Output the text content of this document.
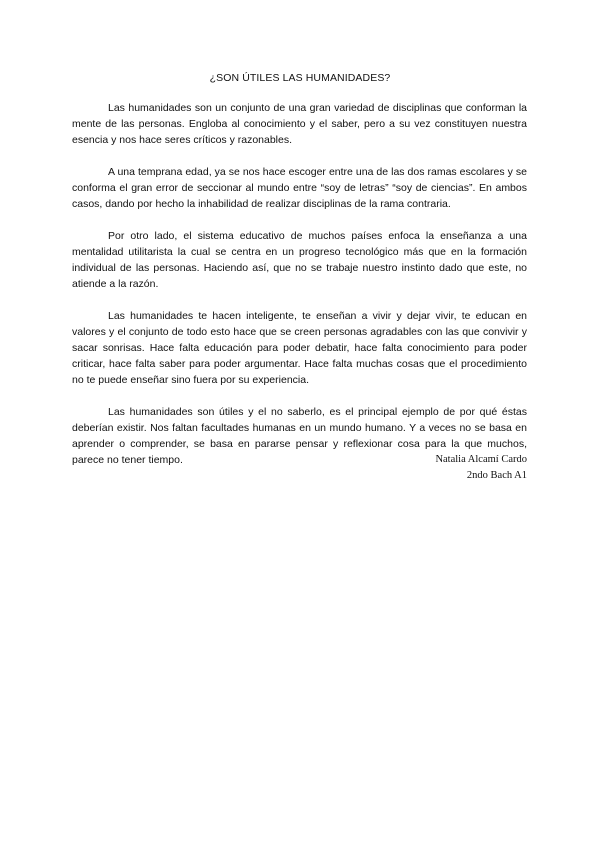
¿SON ÚTILES LAS HUMANIDADES?

Las humanidades son un conjunto de una gran variedad de disciplinas que conforman la mente de las personas. Engloba al conocimiento y el saber, pero a su vez constituyen nuestra esencia y nos hace seres críticos y razonables.

A una temprana edad, ya se nos hace escoger entre una de las dos ramas escolares y se conforma el gran error de seccionar al mundo entre “soy de letras” “soy de ciencias”. En ambos casos, dando por hecho la inhabilidad de realizar disciplinas de la rama contraria.

Por otro lado, el sistema educativo de muchos países enfoca la enseñanza a una mentalidad utilitarista la cual se centra en un progreso tecnológico más que en la formación individual de las personas. Haciendo así, que no se trabaje nuestro instinto dado que este, no atiende a la razón.

Las humanidades te hacen inteligente, te enseñan a vivir y dejar vivir, te educan en valores y el conjunto de todo esto hace que se creen personas agradables con las que convivir y sacar sonrisas. Hace falta educación para poder debatir, hace falta conocimiento para poder criticar, hace falta saber para poder argumentar. Hace falta muchas cosas que el procedimiento no te puede enseñar sino fuera por su experiencia.

Las humanidades son útiles y el no saberlo, es el principal ejemplo de por qué éstas deberían existir. Nos faltan facultades humanas en un mundo humano. Y a veces no se basa en aprender o comprender, se basa en pararse pensar y reflexionar cosa para la que muchos, parece no tener tiempo.	Natalia Alcamí Cardo
2ndo Bach A1
